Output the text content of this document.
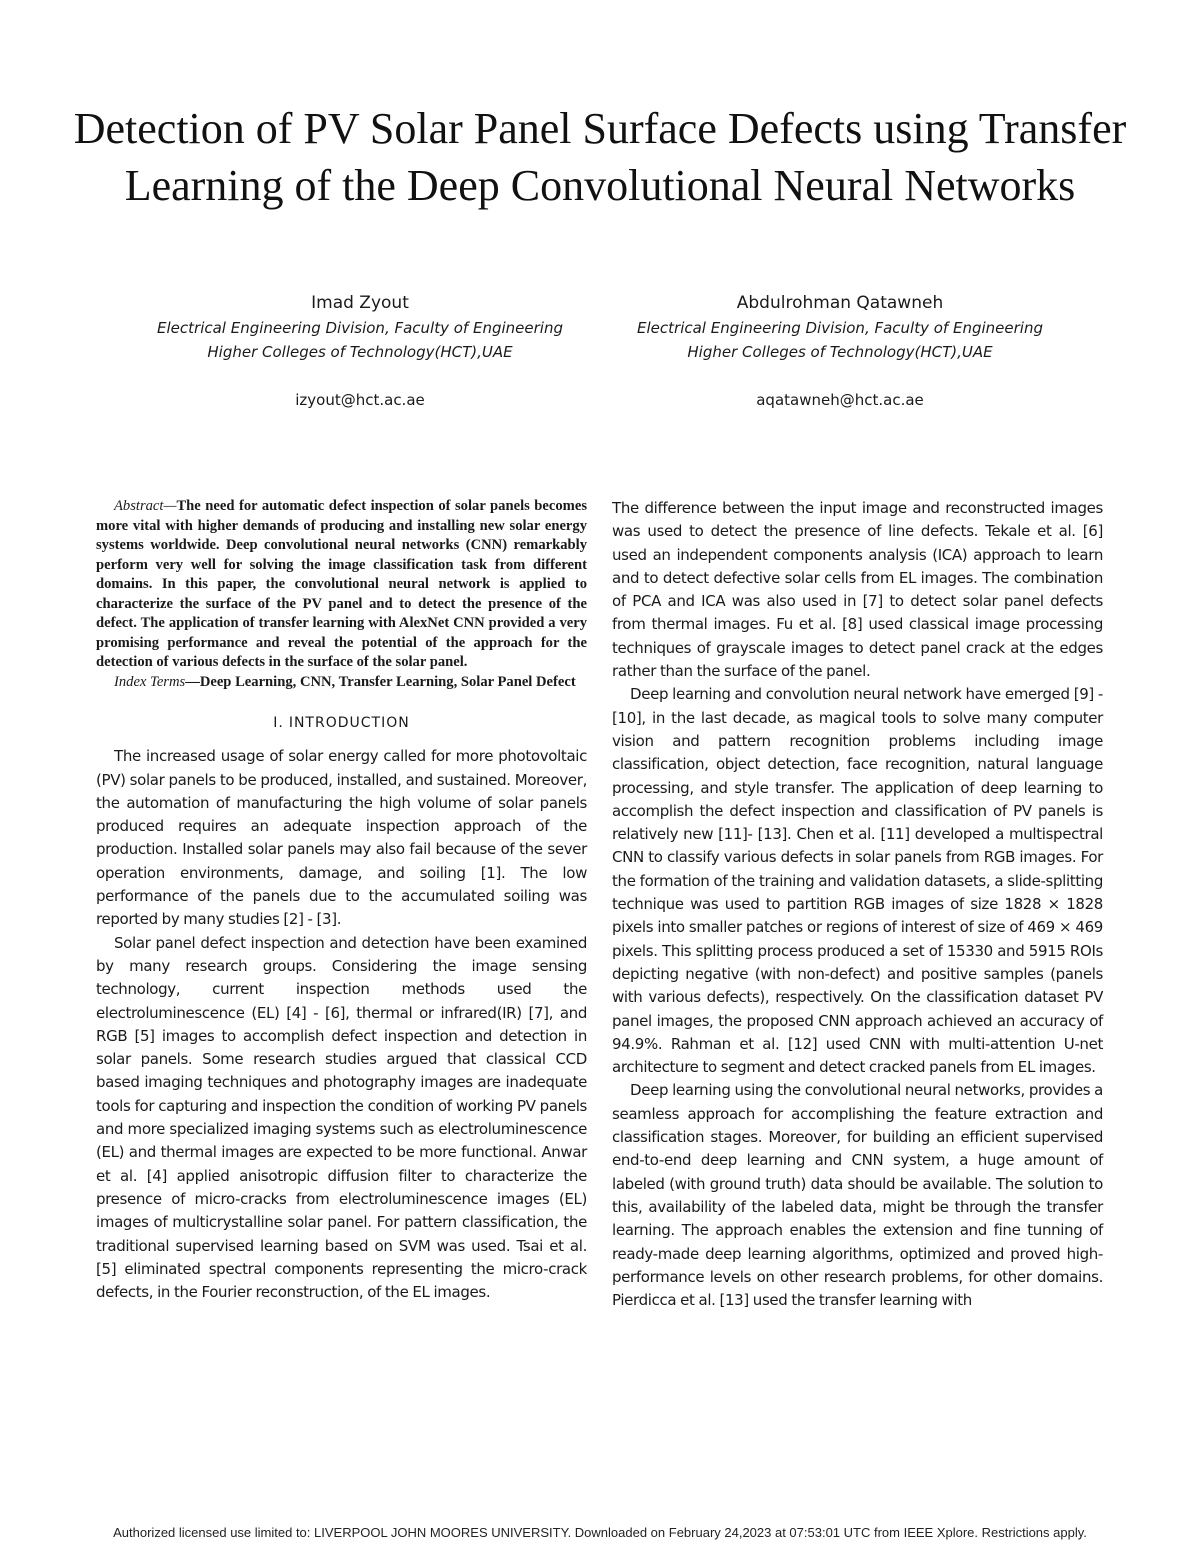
Detection of PV Solar Panel Surface Defects using Transfer Learning of the Deep Convolutional Neural Networks
Imad Zyout
Electrical Engineering Division, Faculty of Engineering
Higher Colleges of Technology(HCT),UAE
izyout@hct.ac.ae
Abdulrohman Qatawneh
Electrical Engineering Division, Faculty of Engineering
Higher Colleges of Technology(HCT),UAE
aqatawneh@hct.ac.ae

Abstract—The need for automatic defect inspection of solar panels becomes more vital with higher demands of producing and installing new solar energy systems worldwide. Deep convolutional neural networks (CNN) remarkably perform very well for solving the image classification task from different domains. In this paper, the convolutional neural network is applied to characterize the surface of the PV panel and to detect the presence of the defect. The application of transfer learning with AlexNet CNN provided a very promising performance and reveal the potential of the approach for the detection of various defects in the surface of the solar panel.

Index Terms—Deep Learning, CNN, Transfer Learning, Solar Panel Defect

I. INTRODUCTION

The increased usage of solar energy called for more photovoltaic (PV) solar panels to be produced, installed, and sustained. Moreover, the automation of manufacturing the high volume of solar panels produced requires an adequate inspection approach of the production. Installed solar panels may also fail because of the sever operation environments, damage, and soiling [1]. The low performance of the panels due to the accumulated soiling was reported by many studies [2] - [3].

Solar panel defect inspection and detection have been examined by many research groups. Considering the image sensing technology, current inspection methods used the electroluminescence (EL) [4] - [6], thermal or infrared(IR) [7], and RGB [5] images to accomplish defect inspection and detection in solar panels. Some research studies argued that classical CCD based imaging techniques and photography images are inadequate tools for capturing and inspection the condition of working PV panels and more specialized imaging systems such as electroluminescence (EL) and thermal images are expected to be more functional. Anwar et al. [4] applied anisotropic diffusion filter to characterize the presence of micro-cracks from electroluminescence images (EL) images of multicrystalline solar panel. For pattern classification, the traditional supervised learning based on SVM was used. Tsai et al. [5] eliminated spectral components representing the micro-crack defects, in the Fourier reconstruction, of the EL images.

The difference between the input image and reconstructed images was used to detect the presence of line defects. Tekale et al. [6] used an independent components analysis (ICA) approach to learn and to detect defective solar cells from EL images. The combination of PCA and ICA was also used in [7] to detect solar panel defects from thermal images. Fu et al. [8] used classical image processing techniques of grayscale images to detect panel crack at the edges rather than the surface of the panel.

Deep learning and convolution neural network have emerged [9] - [10], in the last decade, as magical tools to solve many computer vision and pattern recognition problems including image classification, object detection, face recognition, natural language processing, and style transfer. The application of deep learning to accomplish the defect inspection and classification of PV panels is relatively new [11]- [13]. Chen et al. [11] developed a multispectral CNN to classify various defects in solar panels from RGB images. For the formation of the training and validation datasets, a slide-splitting technique was used to partition RGB images of size 1828 × 1828 pixels into smaller patches or regions of interest of size of 469 × 469 pixels. This splitting process produced a set of 15330 and 5915 ROIs depicting negative (with non-defect) and positive samples (panels with various defects), respectively. On the classification dataset PV panel images, the proposed CNN approach achieved an accuracy of 94.9%. Rahman et al. [12] used CNN with multi-attention U-net architecture to segment and detect cracked panels from EL images.

Deep learning using the convolutional neural networks, provides a seamless approach for accomplishing the feature extraction and classification stages. Moreover, for building an efficient supervised end-to-end deep learning and CNN system, a huge amount of labeled (with ground truth) data should be available. The solution to this, availability of the labeled data, might be through the transfer learning. The approach enables the extension and fine tunning of ready-made deep learning algorithms, optimized and proved high-performance levels on other research problems, for other domains. Pierdicca et al. [13] used the transfer learning with

Authorized licensed use limited to: LIVERPOOL JOHN MOORES UNIVERSITY. Downloaded on February 24,2023 at 07:53:01 UTC from IEEE Xplore. Restrictions apply.
